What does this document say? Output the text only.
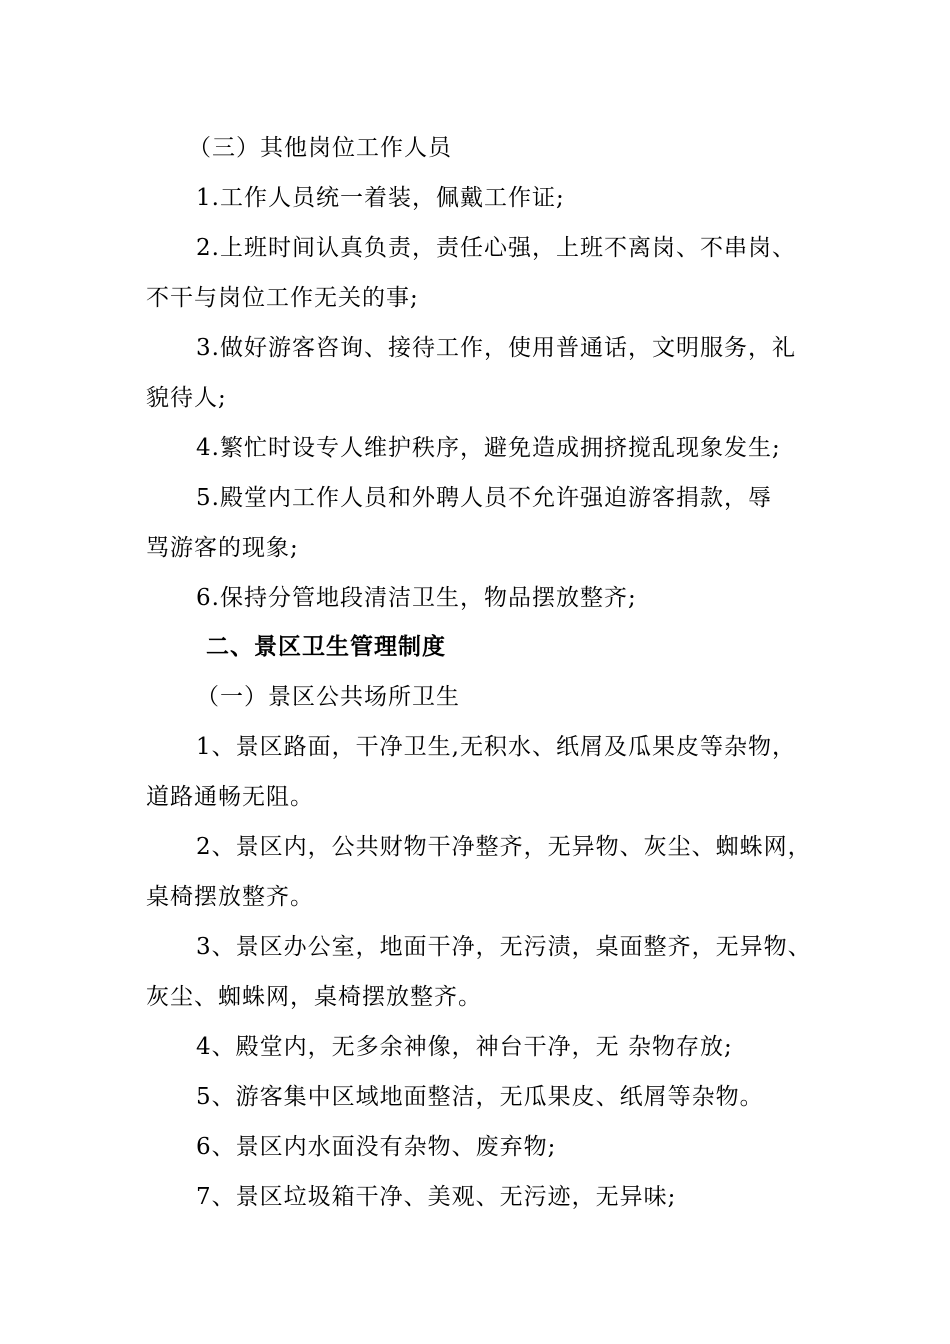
（三）其他岗位工作人员
1.工作人员统一着装，佩戴工作证;
2.上班时间认真负责，责任心强，上班不离岗、不串岗、
不干与岗位工作无关的事;
3.做好游客咨询、接待工作，使用普通话，文明服务，礼
貌待人;
4.繁忙时设专人维护秩序，避免造成拥挤搅乱现象发生;
5.殿堂内工作人员和外聘人员不允许强迫游客捐款，辱
骂游客的现象;
6.保持分管地段清洁卫生，物品摆放整齐;
二、景区卫生管理制度
（一）景区公共场所卫生
1、景区路面，干净卫生,无积水、纸屑及瓜果皮等杂物，
道路通畅无阻。
2、景区内，公共财物干净整齐，无异物、灰尘、蜘蛛网，
桌椅摆放整齐。
3、景区办公室，地面干净，无污渍，桌面整齐，无异物、
灰尘、蜘蛛网，桌椅摆放整齐。
4、殿堂内，无多余神像，神台干净，无 杂物存放;
5、游客集中区域地面整洁，无瓜果皮、纸屑等杂物。
6、景区内水面没有杂物、废弃物;
7、景区垃圾箱干净、美观、无污迹，无异味;
